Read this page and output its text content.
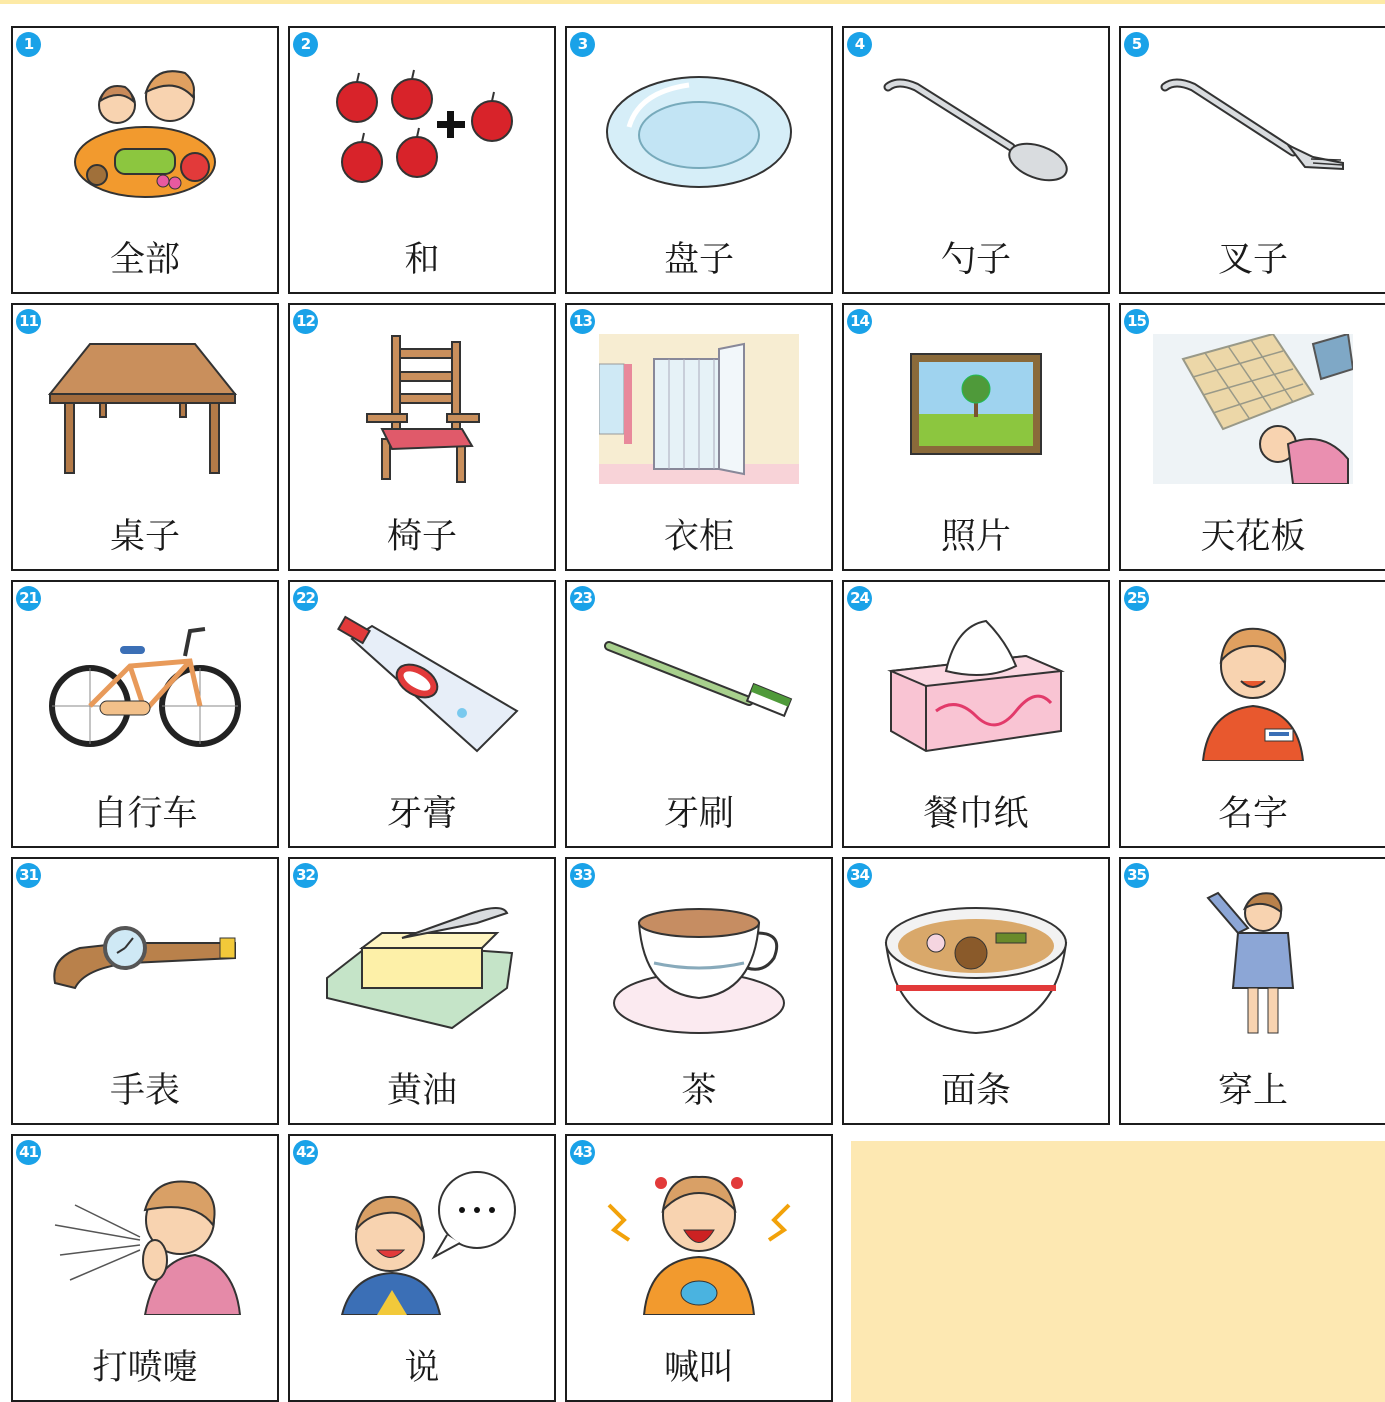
1
全部
2
和
3
盘子
4
勺子
5
叉子
11
桌子
12
椅子
13
衣柜
14
照片
15
天花板
21
自行车
22
牙膏
23
牙刷
24
餐巾纸
25
名字
31
手表
32
黄油
33
茶
34
面条
35
穿上
41
打喷嚏
42
说
43
喊叫
